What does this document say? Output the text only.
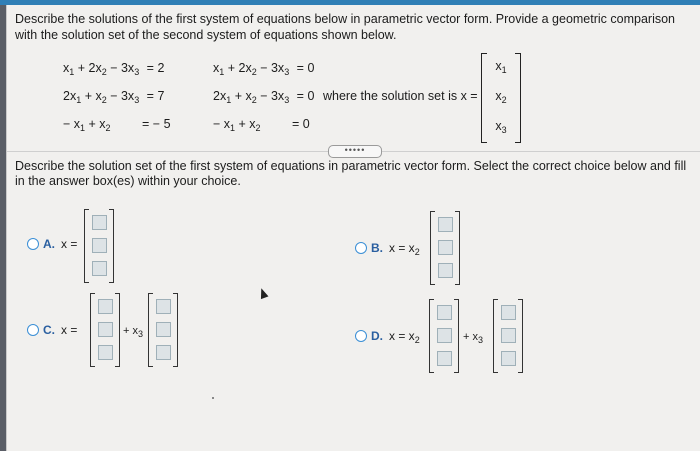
Describe the solutions of the first system of equations below in parametric vector form. Provide a geometric comparison with the solution set of the second system of equations shown below.
$x_1 + 2x_2 - 3x_3 = 2$
$2x_1 + x_2 - 3x_3 = 7$
− $x_1 + x_2$ = − 5
$x_1 + 2x_2 - 3x_3 = 0$
$2x_1 + x_2 - 3x_3 = 0$
− $x_1 + x_2 = 0$
where the solution set is x =
$x_1$
$x_2$
$x_3$
•••••
Describe the solution set of the first system of equations in parametric vector form. Select the correct choice below and fill in the answer box(es) within your choice.
A. x =	B. $x = x_2$
C. x =	+ $x_3$	D. $x = x_2$	+ $x_3$
